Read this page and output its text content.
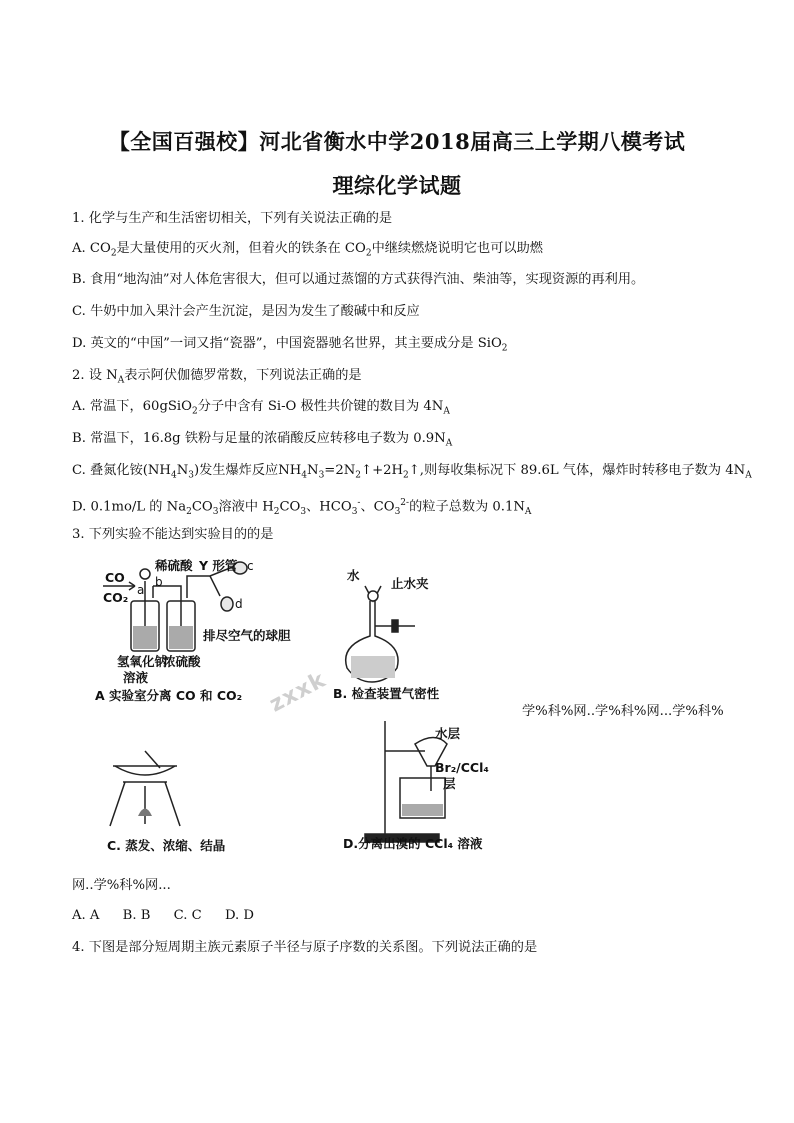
【全国百强校】河北省衡水中学2018届高三上学期八模考试
理综化学试题
1. 化学与生产和生活密切相关，下列有关说法正确的是
A. $CO_2$是大量使用的灭火剂，但着火的铁条在 $CO_2$中继续燃烧说明它也可以助燃
B. 食用“地沟油”对人体危害很大，但可以通过蒸馏的方式获得汽油、柴油等，实现资源的再利用。
C. 牛奶中加入果汁会产生沉淀，是因为发生了酸碱中和反应
D. 英文的“中国”一词又指“瓷器”，中国瓷器驰名世界，其主要成分是 SiO$_2$
2. 设 $N_A$表示阿伏伽德罗常数，下列说法正确的是
A. 常温下，60gSiO$_2$分子中含有 Si-O 极性共价键的数目为 $4N_A$
B. 常温下，16.8g 铁粉与足量的浓硝酸反应转移电子数为 $0.9N_A$
C. 叠氮化铵$(NH_4N_3)$发生爆炸反应$NH_4N_3=2N_2↑+2H_2↑$,则每收集标况下 89.6L 气体，爆炸时转移电子数为 $4N_A$
D. 0.1mo/L 的 $Na_2CO_3$溶液中 $H_2CO_3$、$HCO_3^-$、$CO_3^{2-}$的粒子总数为 $0.1N_A$
3. 下列实验不能达到实验目的的是
CO
CO₂ a
b
稀硫酸 Y 形管 c
d
排尽空气的球胆
氢氧化钠
浓硫酸
溶液
A 实验室分离 CO 和 CO₂
水
止水夹
B. 检查装置气密性
C. 蒸发、浓缩、结晶
水层
Br₂/CCl₄
层
D.分离出溴的 CCl₄ 溶液
zxxk	学%科%网..学%科%网...学%科%
网..学%科%网...
A. A B. B C. C D. D
4. 下图是部分短周期主族元素原子半径与原子序数的关系图。下列说法正确的是
